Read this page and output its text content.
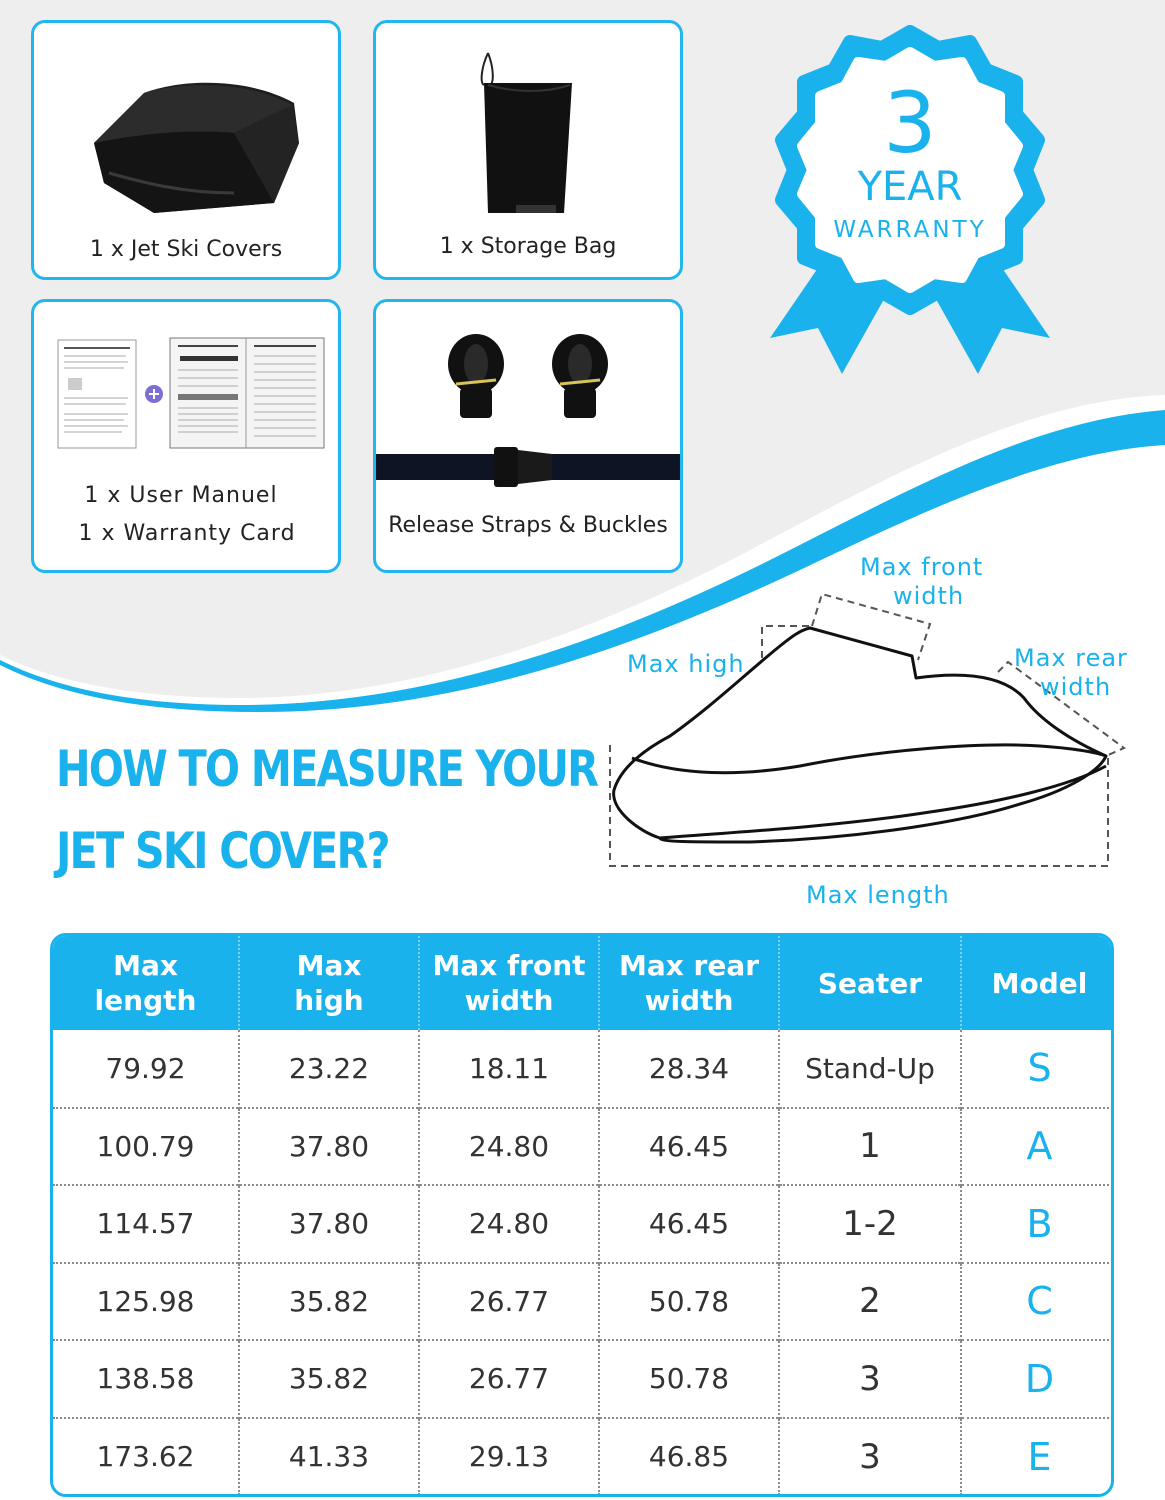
1 x Jet Ski Covers	1 x Storage Bag
1 x User Manuel
1 x Warranty Card	Release Straps & Buckles
3
YEAR
WARRANTY
HOW TO MEASURE YOUR
JET SKI COVER?
Max front
width
Max high	Max rear
width
Max length
Max
length	Max
high	Max front
width	Max rear
width	Seater	Model
79.92	23.22	18.11	28.34	Stand-Up	S
100.79	37.80	24.80	46.45	1	A
114.57	37.80	24.80	46.45	1-2	B
125.98	35.82	26.77	50.78	2	C
138.58	35.82	26.77	50.78	3	D
173.62	41.33	29.13	46.85	3	E
